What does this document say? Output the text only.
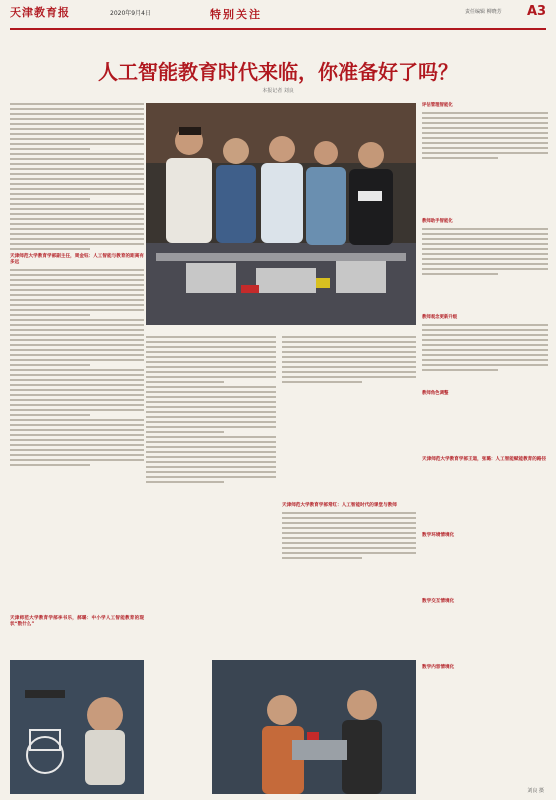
天津教育报	2020年9月4日	特别关注	责任编辑 柳晓芳 A3
人工智能教育时代来临，你准备好了吗？
本报记者 刘良

天津师范大学教育学部副主任，周金钰：人工智能与教育的距离有多远

天津师范大学教育学部李书乐，郝璐：中小学人工智能教育的现状“数什么”

天津师范大学教育学部常红：人工智能时代的课堂与教师

评估管理智能化

教师助手智能化

教师观念更新升级

教师角色调整
天津师范大学教育学部王道，张璐：人工智能赋能教育的路径
数学环境情境化
数学交互情境化
数学内容情境化
刘良 摄
